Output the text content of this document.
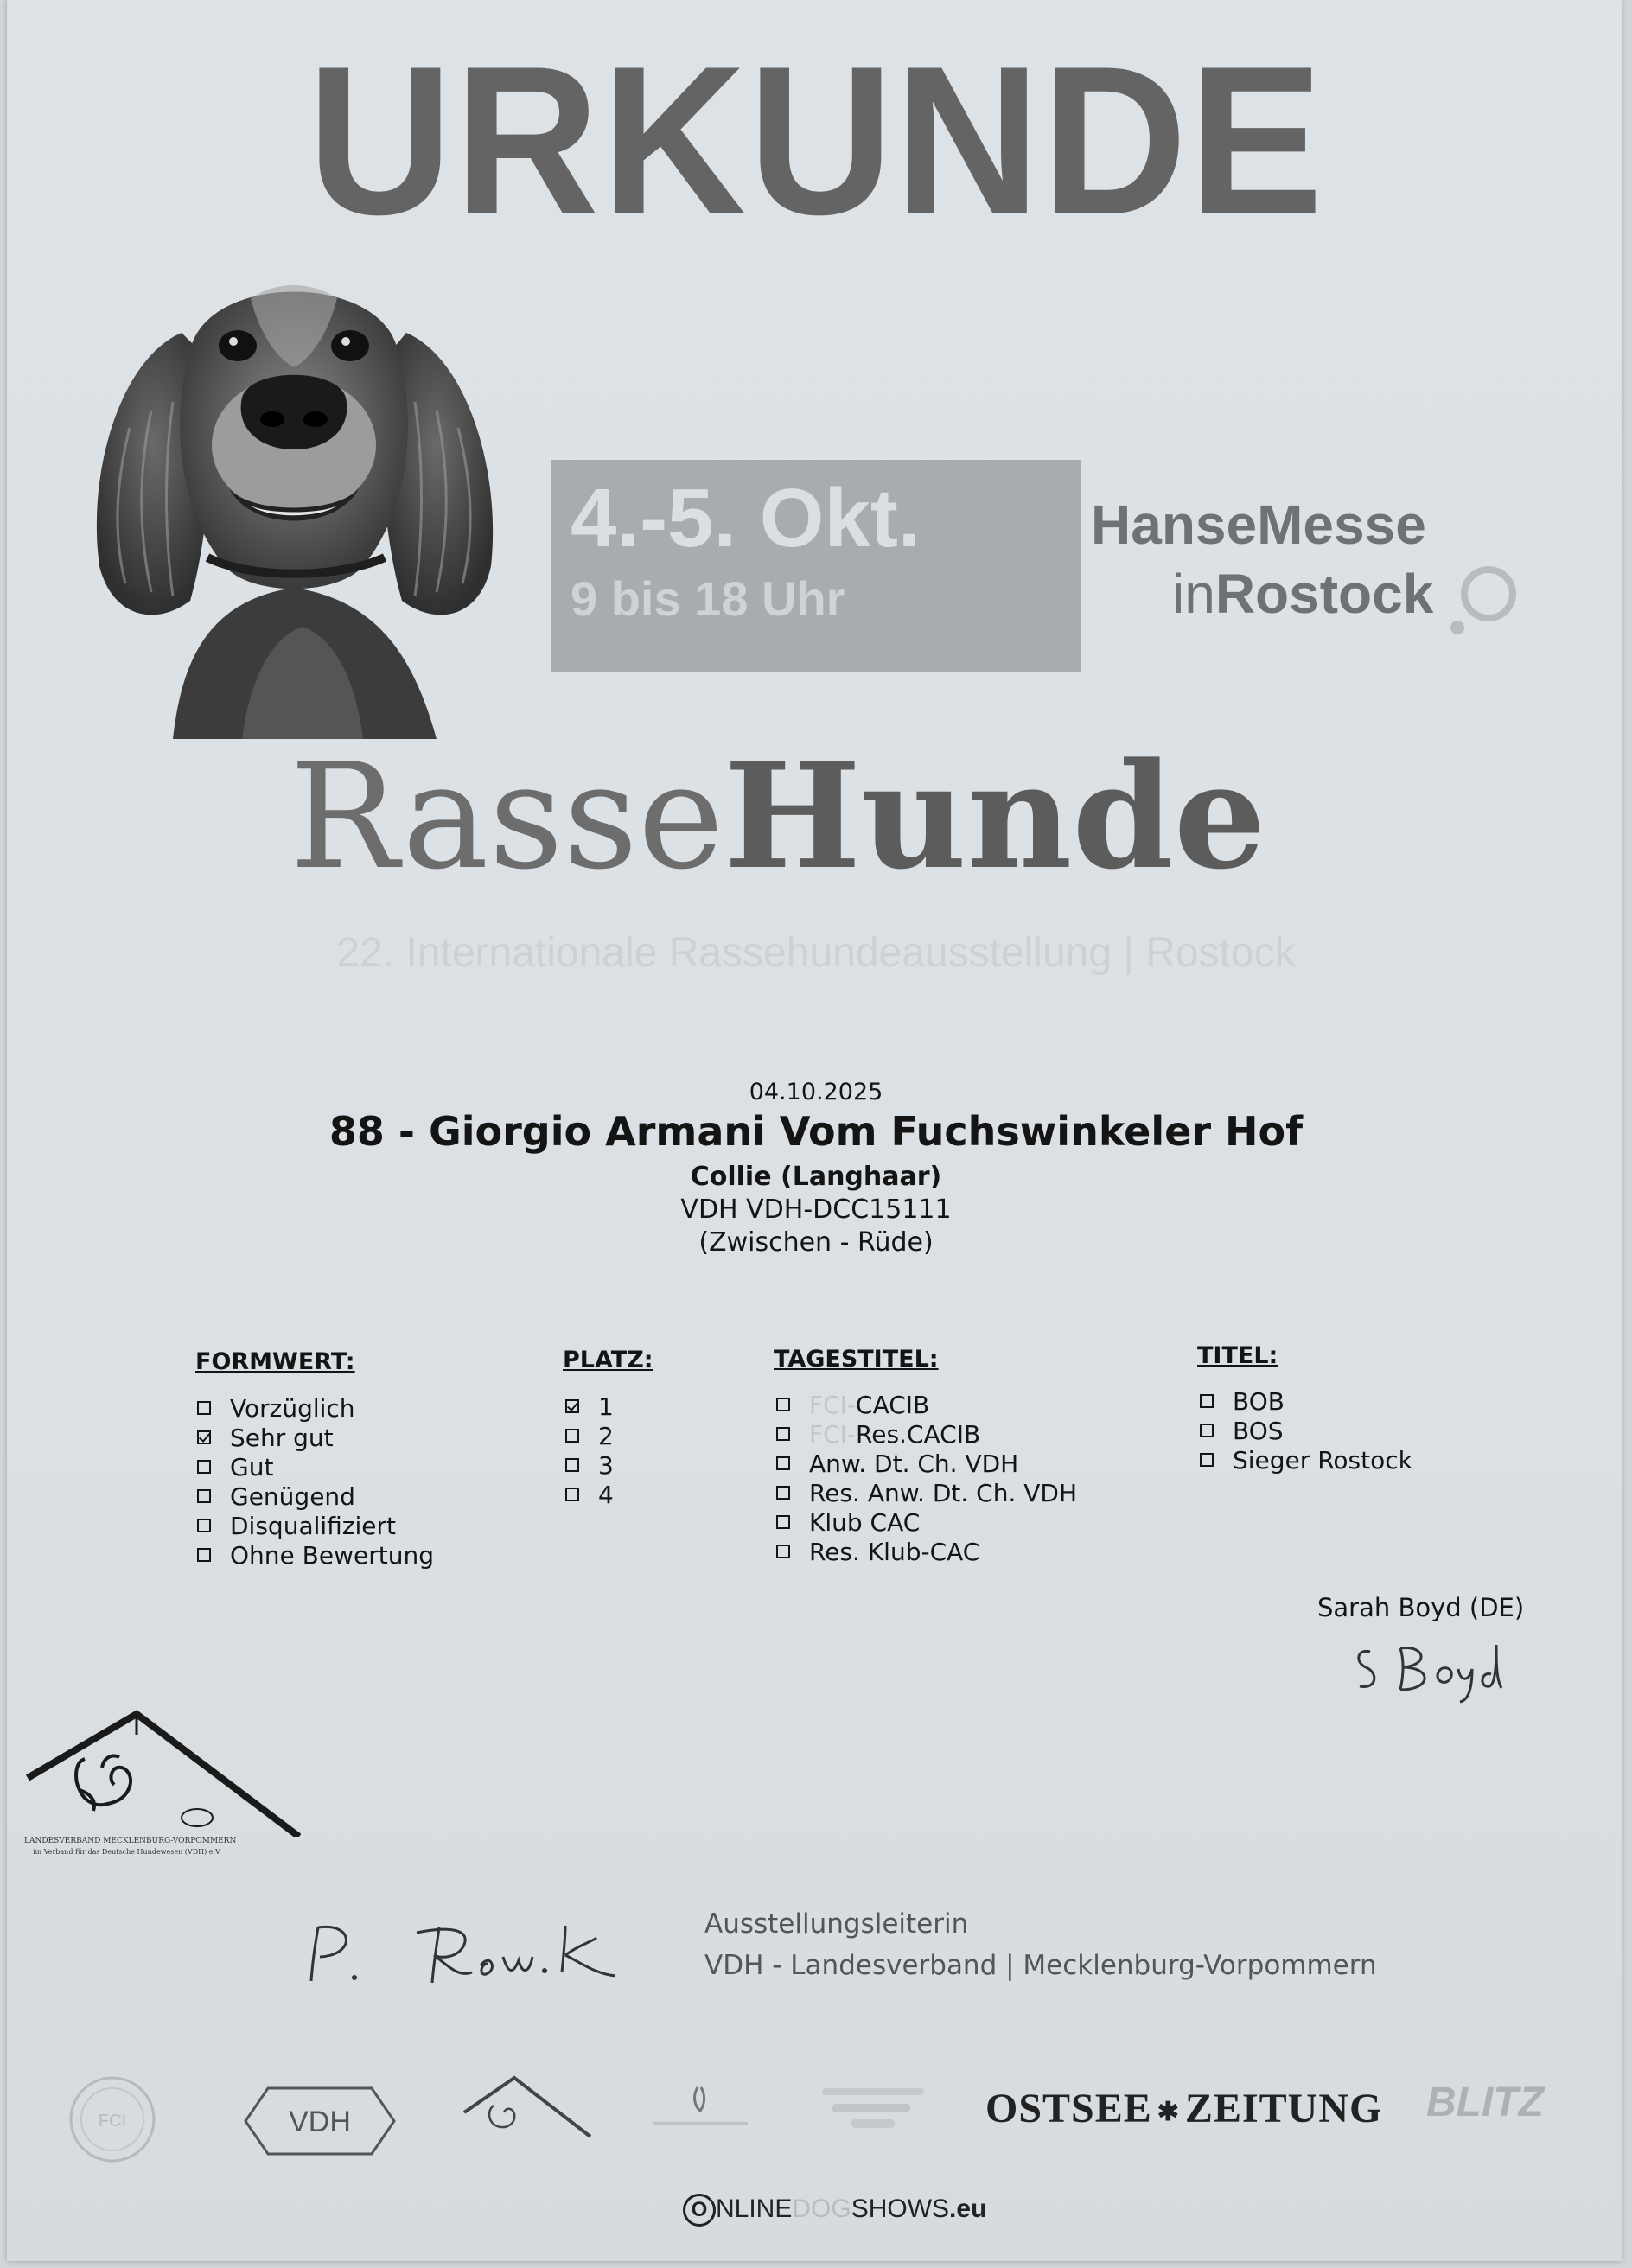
URKUNDE
4.-5. Okt.
9 bis 18 Uhr
HanseMesse
inRostock
RasseHunde
22. Internationale Rassehundeausstellung | Rostock
04.10.2025
88 - Giorgio Armani Vom Fuchswinkeler Hof
Collie (Langhaar)
VDH VDH-DCC15111
(Zwischen - Rüde)
FORMWERT:
Vorzüglich
Sehr gut
Gut
Genügend
Disqualifiziert
Ohne Bewertung
PLATZ:
1
2
3
4
TAGESTITEL:
FCI- CACIB
FCI- Res.CACIB
Anw. Dt. Ch. VDH
Res. Anw. Dt. Ch. VDH
Klub CAC
Res. Klub-CAC
TITEL:
BOB
BOS
Sieger Rostock
Sarah Boyd (DE)
LANDESVERBAND MECKLENBURG-VORPOMMERN
im Verband für das Deutsche Hundewesen (VDH) e.V.
Ausstellungsleiterin
VDH - Landesverband | Mecklenburg-Vorpommern
FCI	VDH	OSTSEE ✱ ZEITUNG BLITZ
O NLINEDOGSHOWS.eu
